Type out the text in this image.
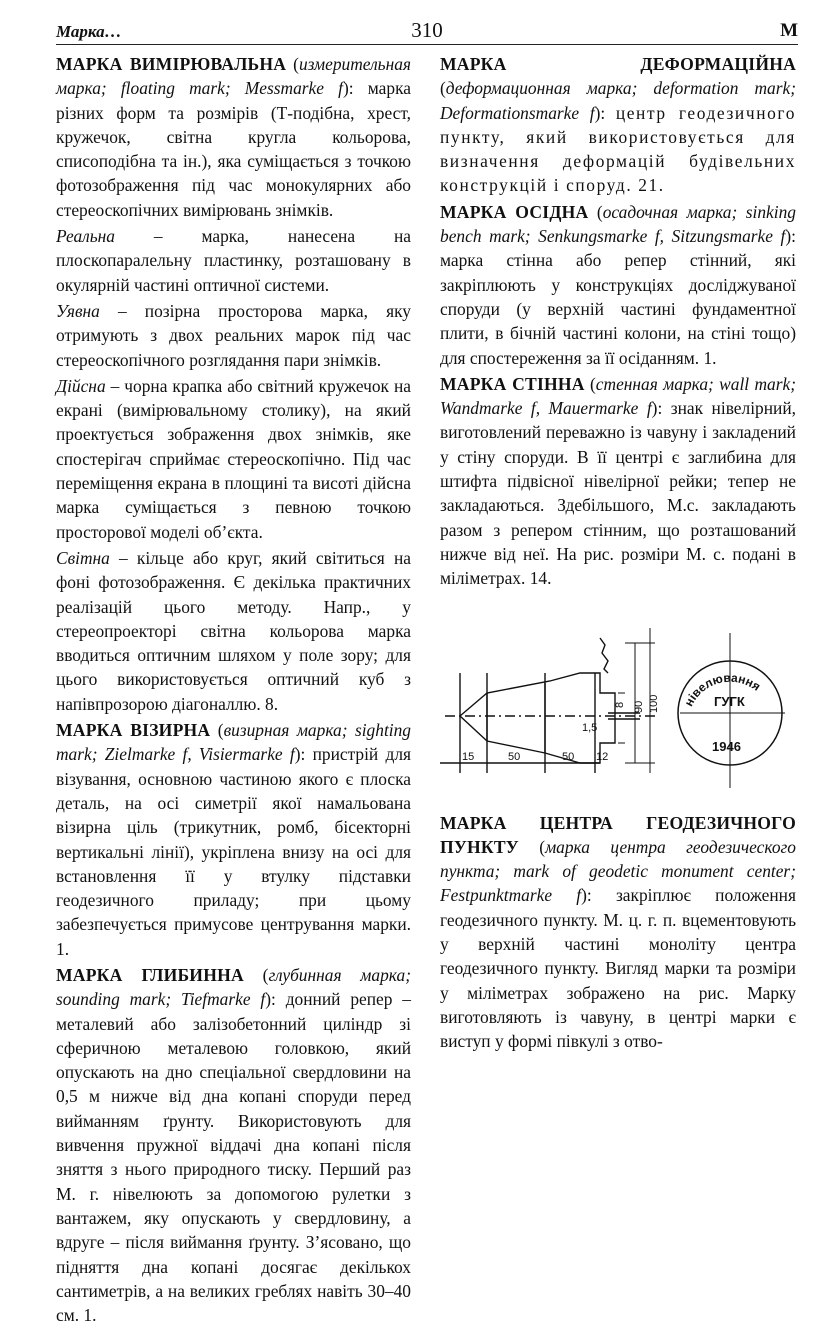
Марка…	310	М

МАРКА ВИМІРЮВАЛЬНА (измерительная марка; floating mark; Messmarke f): марка різних форм та розмірів (Т-подібна, хрест, кружечок, світна кругла кольорова, списоподібна та ін.), яка суміщається з точкою фотозображення під час монокулярних або стереоскопічних вимірювань знімків.

Реальна – марка, нанесена на плоскопаралельну пластинку, розташовану в окулярній частині оптичної системи.

Уявна – позірна просторова марка, яку отримують з двох реальних марок під час стереоскопічного розглядання пари знімків.

Дійсна – чорна крапка або світний кружечок на екрані (вимірювальному столику), на який проектується зображення двох знімків, яке спостерігач сприймає стереоскопічно. Під час переміщення екрана в площині та висоті дійсна марка суміщається з певною точкою просторової моделі об’єкта.

Світна – кільце або круг, який світиться на фоні фотозображення. Є декілька практичних реалізацій цього методу. Напр., у стереопроекторі світна кольорова марка вводиться оптичним шляхом у поле зору; для цього використовується оптичний куб з напівпрозорою діагоналлю. 8.

МАРКА ВІЗИРНА (визирная марка; sighting mark; Zielmarke f, Visiermarke f): пристрій для візування, основною частиною якого є плоска деталь, на осі симетрії якої намальована візирна ціль (трикутник, ромб, бісекторні вертикальні лінії), укріплена внизу на осі для встановлення її у втулку підставки геодезичного приладу; при цьому забезпечується примусове центрування марки. 1.

МАРКА ГЛИБИННА (глубинная марка; sounding mark; Tiefmarke f): донний репер – металевий або залізобетонний циліндр зі сферичною металевою головкою, який опускають на дно спеціальної свердловини на 0,5 м нижче від дна копані споруди перед вийманням ґрунту. Використовують для вивчення пружної віддачі дна копані після зняття з нього природного тиску. Перший раз М. г. нівелюють за допомогою рулетки з вантажем, яку опускають у свердловину, а вдруге – після виймання ґрунту. З’ясовано, що підняття дна копані досягає декількох сантиметрів, а на великих греблях навіть 30–40 см. 1.

МАРКА ДЕФОРМАЦІЙНА (деформационная марка; deformation mark; Deformationsmarke f): центр геодезичного пункту, який використовується для визначення деформацій будівельних конструкцій і споруд. 21.

МАРКА ОСІДНА (осадочная марка; sinking bench mark; Senkungsmarke f, Sitzungsmarke f): марка стінна або репер стінний, які закріплюють у конструкціях досліджуваної споруди (у верхній частині фундаментної плити, в бічній частині колони, на стіні тощо) для спостереження за її осіданням. 1.

МАРКА СТІННА (стенная марка; wall mark; Wandmarke f, Mauermarke f): знак нівелірний, виготовлений переважно із чавуну і закладений у стіну споруди. В її центрі є заглибина для штифта підвісної нівелірної рейки; тепер не закладаються. Здебільшого, М.с. закладають разом з репером стінним, що розташований нижче від неї. На рис. розміри М. с. подані в міліметрах. 14.

15	50	50 12
1,5
8 90 100 нівелювання
ГУГК
1946

МАРКА ЦЕНТРА ГЕОДЕЗИЧНОГО ПУНКТУ (марка центра геодезического пункта; mark of geodetic monument center; Festpunktmarke f): закріплює положення геодезичного пункту. М. ц. г. п. вцементовують у верхній частині моноліту центра геодезичного пункту. Вигляд марки та розміри у міліметрах зображено на рис. Марку виготовляють із чавуну, в центрі марки є виступ у формі півкулі з отво-
